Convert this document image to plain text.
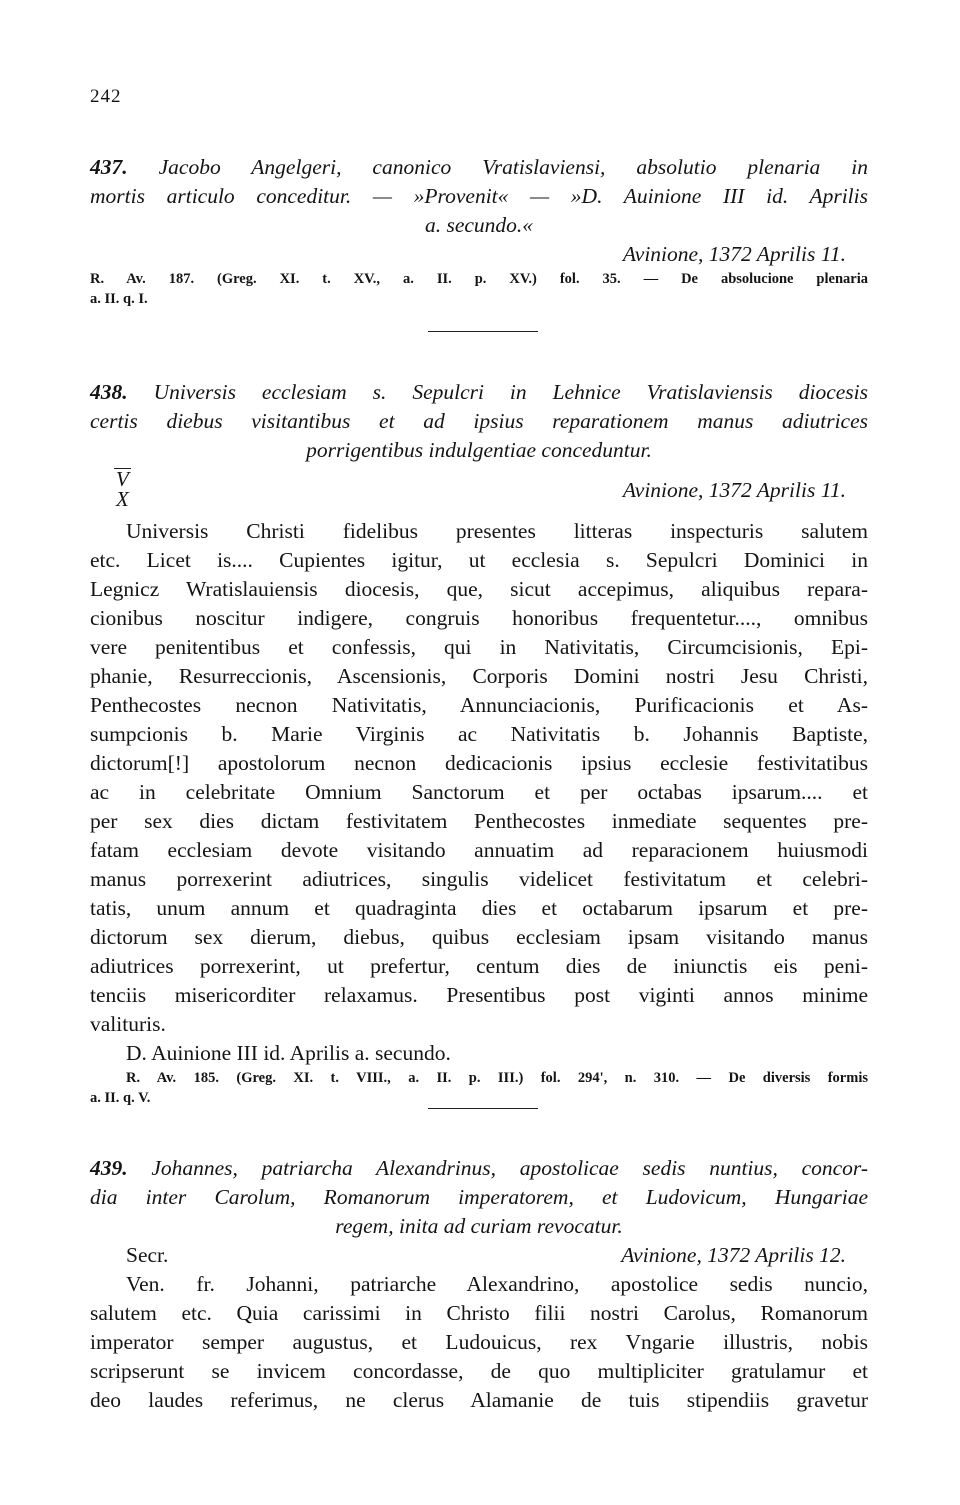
242
437. Jacobo Angelgeri, canonico Vratislaviensi, absolutio plenaria in
mortis articulo conceditur. — »Provenit« — »D. Auinione III id. Aprilis
a. secundo.«
Avinione, 1372 Aprilis 11.
R. Av. 187. (Greg. XI. t. XV., a. II. p. XV.) fol. 35. — De absolucione plenaria
a. II. q. I.
438. Universis ecclesiam s. Sepulcri in Lehnice Vratislaviensis diocesis
certis diebus visitantibus et ad ipsius reparationem manus adiutrices
porrigentibus indulgentiae conceduntur.
Avinione, 1372 Aprilis 11.
V
X
Universis Christi fidelibus presentes litteras inspecturis salutem
etc. Licet is.... Cupientes igitur, ut ecclesia s. Sepulcri Dominici in
Legnicz Wratislauiensis diocesis, que, sicut accepimus, aliquibus repara-
cionibus noscitur indigere, congruis honoribus frequentetur...., omnibus
vere penitentibus et confessis, qui in Nativitatis, Circumcisionis, Epi-
phanie, Resurreccionis, Ascensionis, Corporis Domini nostri Jesu Christi,
Penthecostes necnon Nativitatis, Annunciacionis, Purificacionis et As-
sumpcionis b. Marie Virginis ac Nativitatis b. Johannis Baptiste,
dictorum[!] apostolorum necnon dedicacionis ipsius ecclesie festivitatibus
ac in celebritate Omnium Sanctorum et per octabas ipsarum.... et
per sex dies dictam festivitatem Penthecostes inmediate sequentes pre-
fatam ecclesiam devote visitando annuatim ad reparacionem huiusmodi
manus porrexerint adiutrices, singulis videlicet festivitatum et celebri-
tatis, unum annum et quadraginta dies et octabarum ipsarum et pre-
dictorum sex dierum, diebus, quibus ecclesiam ipsam visitando manus
adiutrices porrexerint, ut prefertur, centum dies de iniunctis eis peni-
tenciis misericorditer relaxamus. Presentibus post viginti annos minime
valituris.
D. Auinione III id. Aprilis a. secundo.
R. Av. 185. (Greg. XI. t. VIII., a. II. p. III.) fol. 294', n. 310. — De diversis formis
a. II. q. V.
439. Johannes, patriarcha Alexandrinus, apostolicae sedis nuntius, concor-
dia inter Carolum, Romanorum imperatorem, et Ludovicum, Hungariae
regem, inita ad curiam revocatur.
Secr.	Avinione, 1372 Aprilis 12.
Ven. fr. Johanni, patriarche Alexandrino, apostolice sedis nuncio,
salutem etc. Quia carissimi in Christo filii nostri Carolus, Romanorum
imperator semper augustus, et Ludouicus, rex Vngarie illustris, nobis
scripserunt se invicem concordasse, de quo multipliciter gratulamur et
deo laudes referimus, ne clerus Alamanie de tuis stipendiis gravetur
